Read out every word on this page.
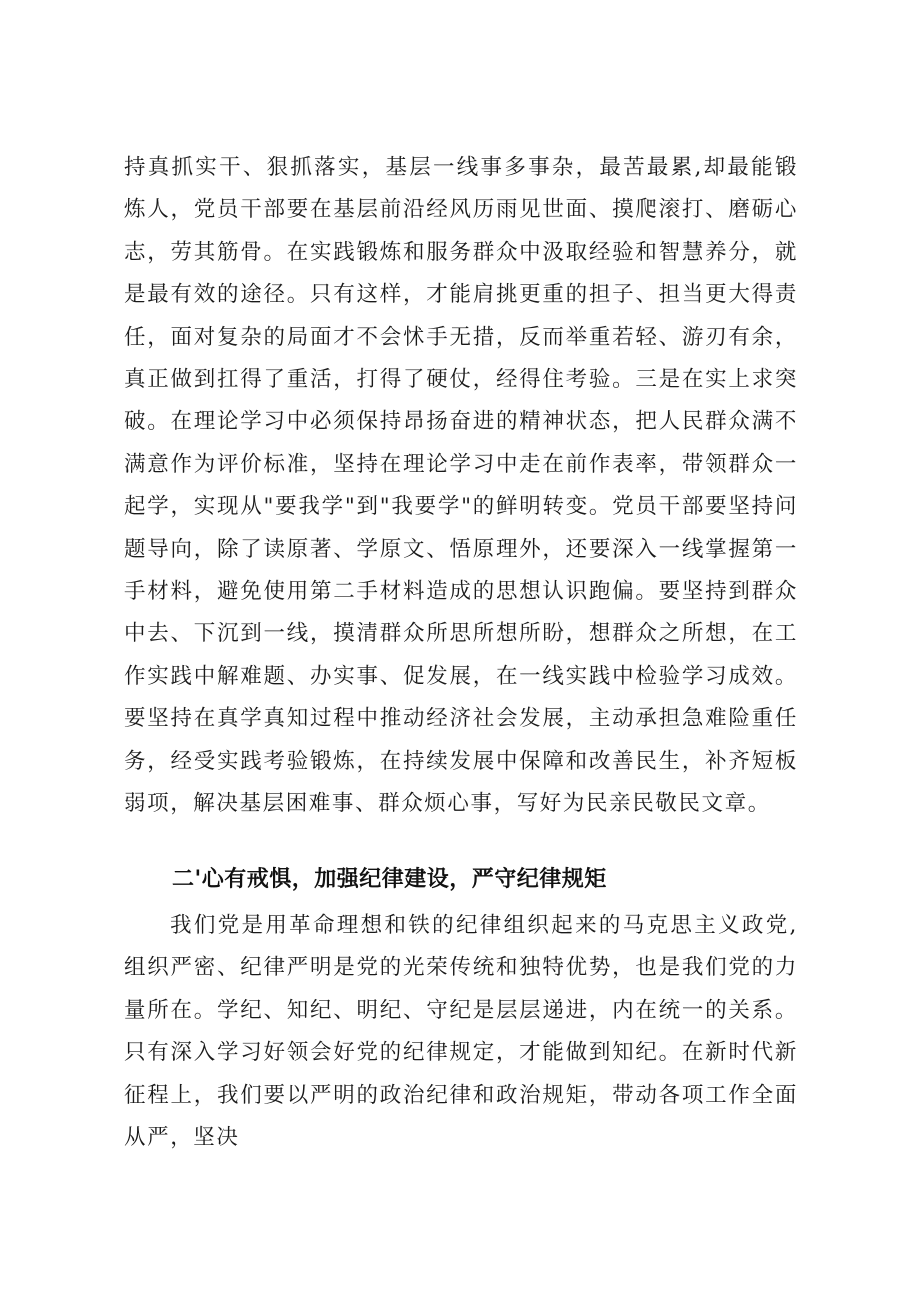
持真抓实干、狠抓落实，基层一线事多事杂，最苦最累,却最能锻炼人，党员干部要在基层前沿经风历雨见世面、摸爬滚打、磨砺心志，劳其筋骨。在实践锻炼和服务群众中汲取经验和智慧养分，就是最有效的途径。只有这样，才能肩挑更重的担子、担当更大得责任，面对复杂的局面才不会怵手无措，反而举重若轻、游刃有余，真正做到扛得了重活，打得了硬仗，经得住考验。三是在实上求突破。在理论学习中必须保持昂扬奋进的精神状态，把人民群众满不满意作为评价标准，坚持在理论学习中走在前作表率，带领群众一起学，实现从"要我学"到"我要学"的鲜明转变。党员干部要坚持问题导向，除了读原著、学原文、悟原理外，还要深入一线掌握第一手材料，避免使用第二手材料造成的思想认识跑偏。要坚持到群众中去、下沉到一线，摸清群众所思所想所盼，想群众之所想，在工作实践中解难题、办实事、促发展，在一线实践中检验学习成效。要坚持在真学真知过程中推动经济社会发展，主动承担急难险重任务，经受实践考验锻炼，在持续发展中保障和改善民生，补齐短板弱项，解决基层困难事、群众烦心事，写好为民亲民敬民文章。

二'心有戒惧，加强纪律建设，严守纪律规矩

我们党是用革命理想和铁的纪律组织起来的马克思主义政党,组织严密、纪律严明是党的光荣传统和独特优势，也是我们党的力量所在。学纪、知纪、明纪、守纪是层层递进，内在统一的关系。只有深入学习好领会好党的纪律规定，才能做到知纪。在新时代新征程上，我们要以严明的政治纪律和政治规矩，带动各项工作全面从严，坚决
